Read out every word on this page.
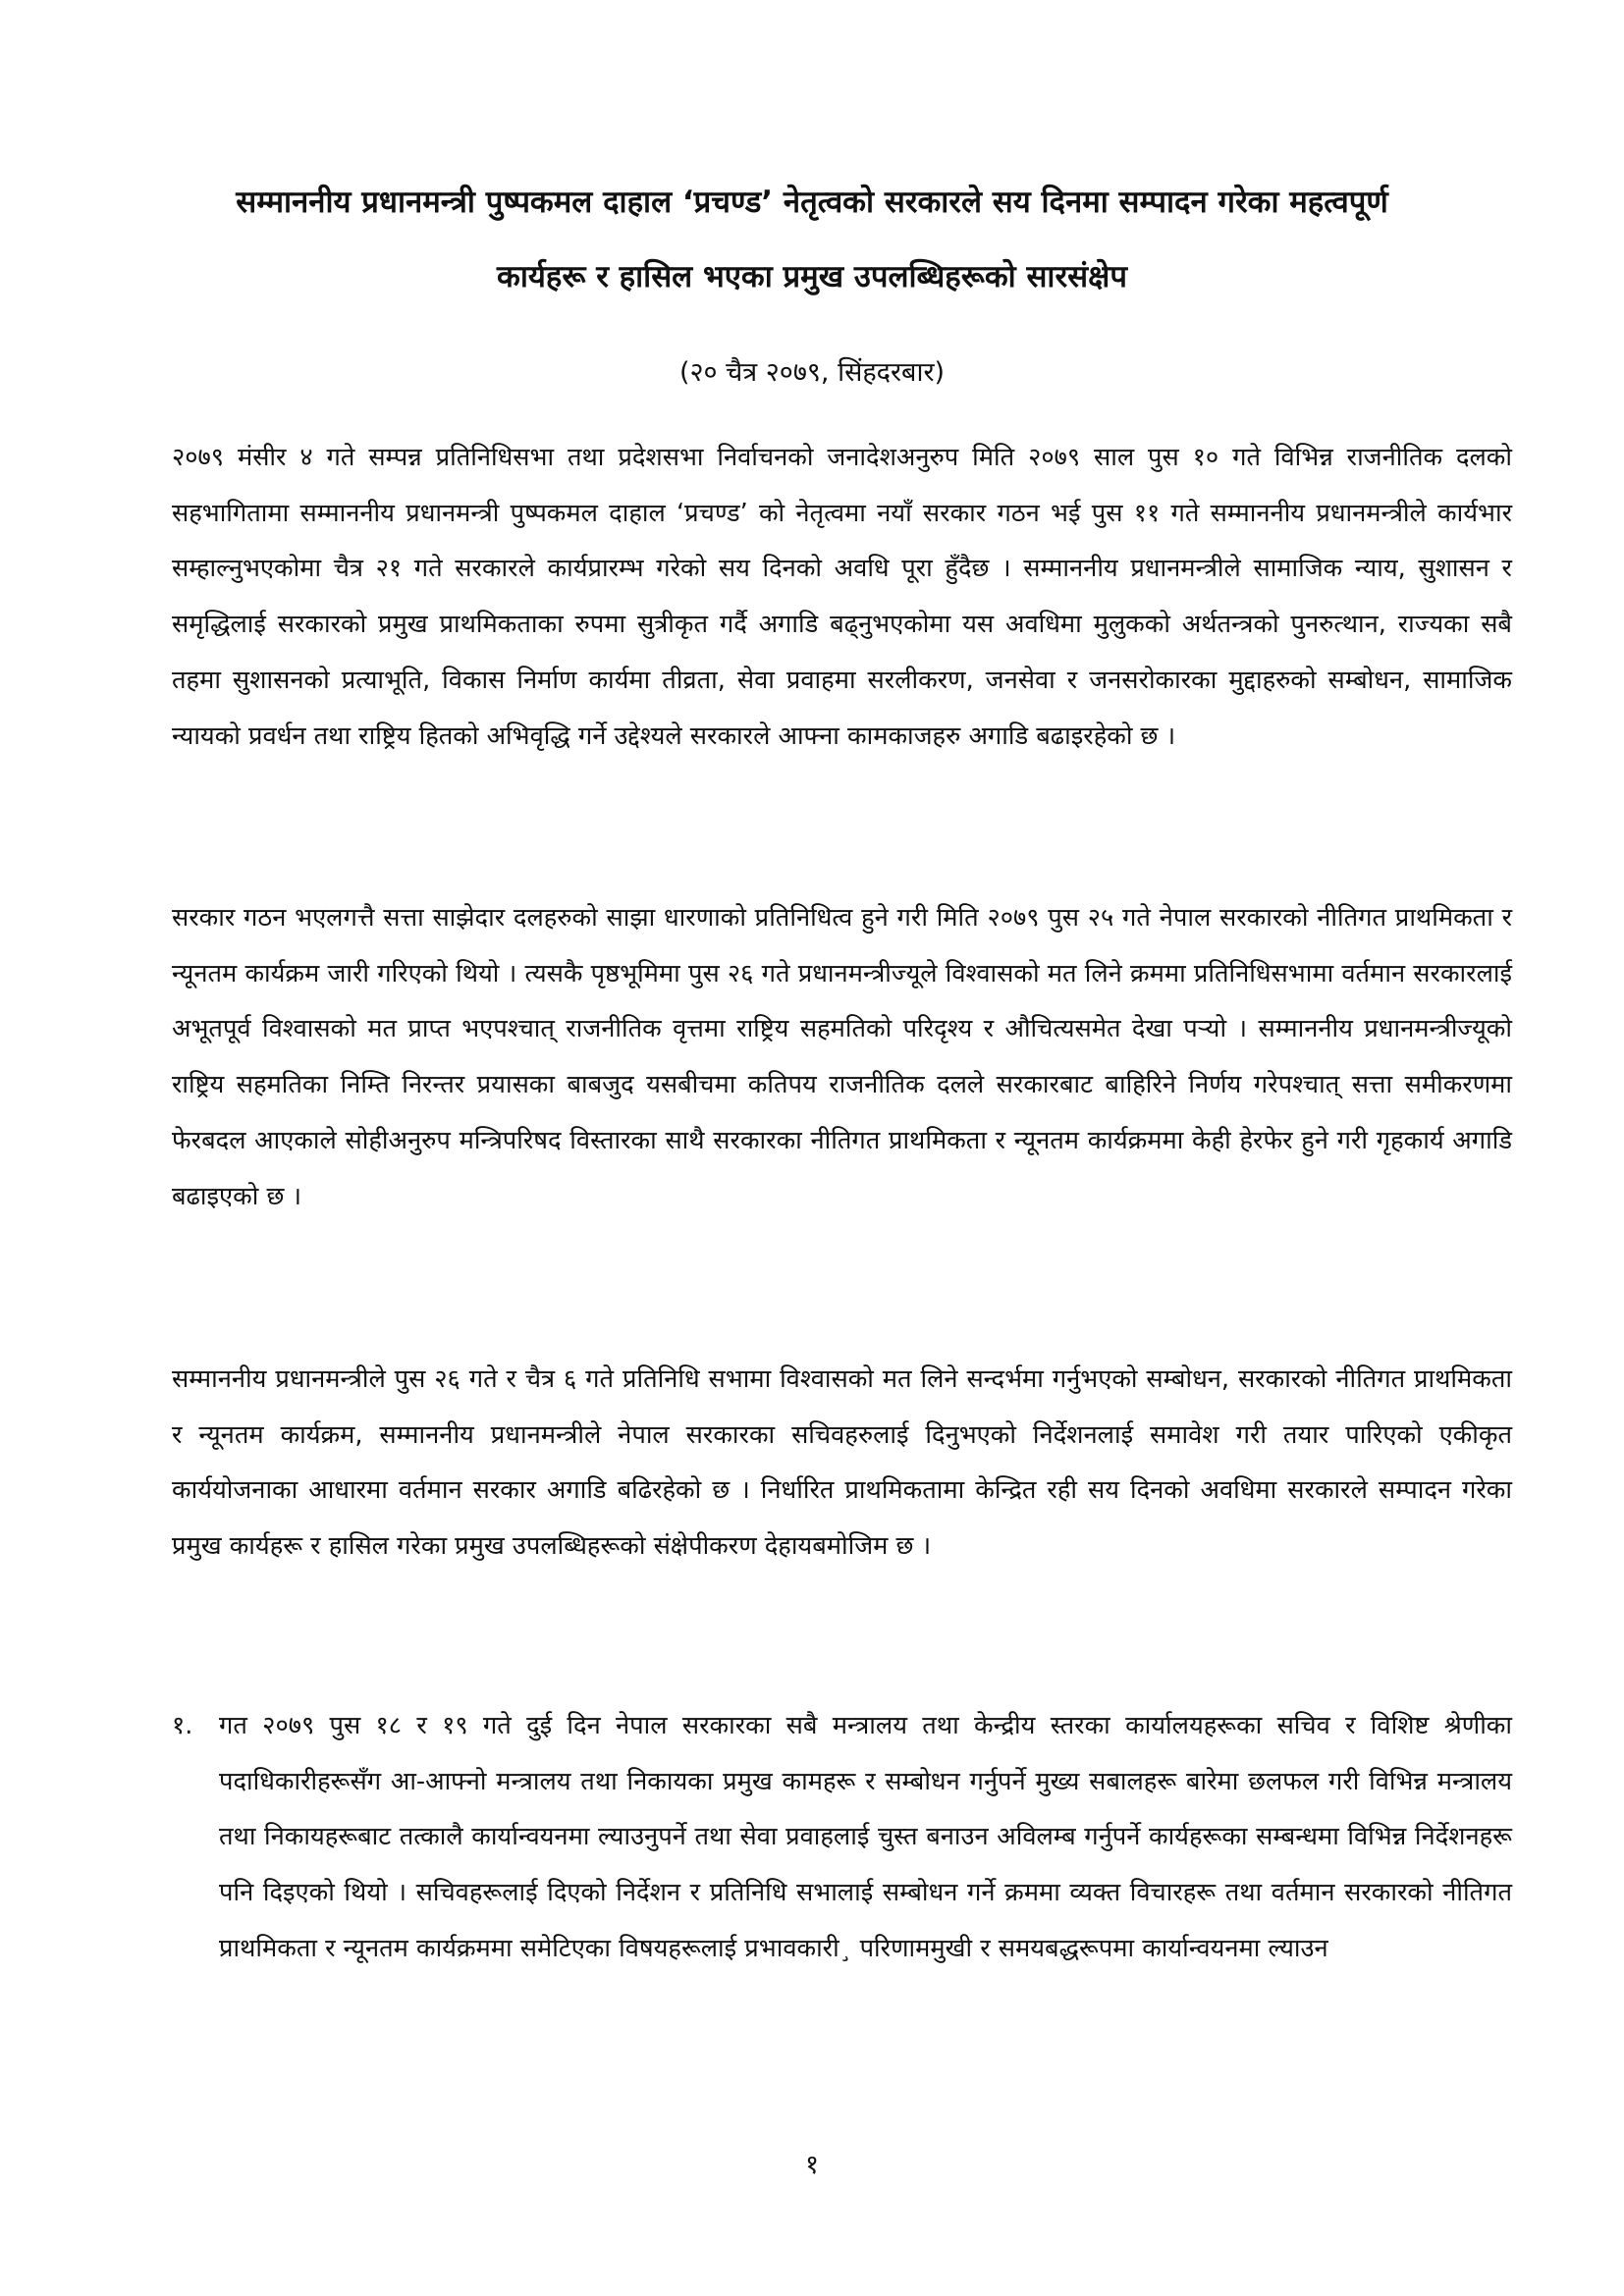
सम्माननीय प्रधानमन्त्री पुष्पकमल दाहाल ‘प्रचण्ड’ नेतृत्वको सरकारले सय दिनमा सम्पादन गरेका महत्वपूर्ण
कार्यहरू र हासिल भएका प्रमुख उपलब्धिहरूको सारसंक्षेप

(२० चैत्र २०७९, सिंहदरबार)

२०७९ मंसीर ४ गते सम्पन्न प्रतिनिधिसभा तथा प्रदेशसभा निर्वाचनको जनादेशअनुरुप मिति २०७९ साल पुस १० गते विभिन्न राजनीतिक दलको सहभागितामा सम्माननीय प्रधानमन्त्री पुष्पकमल दाहाल ‘प्रचण्ड’ को नेतृत्वमा नयाँ सरकार गठन भई पुस ११ गते सम्माननीय प्रधानमन्त्रीले कार्यभार सम्हाल्नुभएकोमा चैत्र २१ गते सरकारले कार्यप्रारम्भ गरेको सय दिनको अवधि पूरा हुँदैछ । सम्माननीय प्रधानमन्त्रीले सामाजिक न्याय, सुशासन र समृद्धिलाई सरकारको प्रमुख प्राथमिकताका रुपमा सुत्रीकृत गर्दै अगाडि बढ्नुभएकोमा यस अवधिमा मुलुकको अर्थतन्त्रको पुनरुत्थान, राज्यका सबै तहमा सुशासनको प्रत्याभूति, विकास निर्माण कार्यमा तीव्रता, सेवा प्रवाहमा सरलीकरण, जनसेवा र जनसरोकारका मुद्दाहरुको सम्बोधन, सामाजिक न्यायको प्रवर्धन तथा राष्ट्रिय हितको अभिवृद्धि गर्ने उद्देश्यले सरकारले आफ्ना कामकाजहरु अगाडि बढाइरहेको छ ।

सरकार गठन भएलगत्तै सत्ता साझेदार दलहरुको साझा धारणाको प्रतिनिधित्व हुने गरी मिति २०७९ पुस २५ गते नेपाल सरकारको नीतिगत प्राथमिकता र न्यूनतम कार्यक्रम जारी गरिएको थियो । त्यसकै पृष्ठभूमिमा पुस २६ गते प्रधानमन्त्रीज्यूले विश्वासको मत लिने क्रममा प्रतिनिधिसभामा वर्तमान सरकारलाई अभूतपूर्व विश्वासको मत प्राप्त भएपश्चात् राजनीतिक वृत्तमा राष्ट्रिय सहमतिको परिदृश्य र औचित्यसमेत देखा पर्‍यो । सम्माननीय प्रधानमन्त्रीज्यूको राष्ट्रिय सहमतिका निम्ति निरन्तर प्रयासका बाबजुद यसबीचमा कतिपय राजनीतिक दलले सरकारबाट बाहिरिने निर्णय गरेपश्चात् सत्ता समीकरणमा फेरबदल आएकाले सोहीअनुरुप मन्त्रिपरिषद विस्तारका साथै सरकारका नीतिगत प्राथमिकता र न्यूनतम कार्यक्रममा केही हेरफेर हुने गरी गृहकार्य अगाडि बढाइएको छ ।

सम्माननीय प्रधानमन्त्रीले पुस २६ गते र चैत्र ६ गते प्रतिनिधि सभामा विश्वासको मत लिने सन्दर्भमा गर्नुभएको सम्बोधन, सरकारको नीतिगत प्राथमिकता र न्यूनतम कार्यक्रम, सम्माननीय प्रधानमन्त्रीले नेपाल सरकारका सचिवहरुलाई दिनुभएको निर्देशनलाई समावेश गरी तयार पारिएको एकीकृत कार्ययोजनाका आधारमा वर्तमान सरकार अगाडि बढिरहेको छ । निर्धारित प्राथमिकतामा केन्द्रित रही सय दिनको अवधिमा सरकारले सम्पादन गरेका प्रमुख कार्यहरू र हासिल गरेका प्रमुख उपलब्धिहरूको संक्षेपीकरण देहायबमोजिम छ ।

१. गत २०७९ पुस १८ र १९ गते दुई दिन नेपाल सरकारका सबै मन्त्रालय तथा केन्द्रीय स्तरका कार्यालयहरूका सचिव र विशिष्ट श्रेणीका पदाधिकारीहरूसँग आ-आफ्नो मन्त्रालय तथा निकायका प्रमुख कामहरू र सम्बोधन गर्नुपर्ने मुख्य सबालहरू बारेमा छलफल गरी विभिन्न मन्त्रालय तथा निकायहरूबाट तत्कालै कार्यान्वयनमा ल्याउनुपर्ने तथा सेवा प्रवाहलाई चुस्त बनाउन अविलम्ब गर्नुपर्ने कार्यहरूका सम्बन्धमा विभिन्न निर्देशनहरू पनि दिइएको थियो । सचिवहरूलाई दिएको निर्देशन र प्रतिनिधि सभालाई सम्बोधन गर्ने क्रममा व्यक्त विचारहरू तथा वर्तमान सरकारको नीतिगत प्राथमिकता र न्यूनतम कार्यक्रममा समेटिएका विषयहरूलाई प्रभावकारी¸ परिणाममुखी र समयबद्धरूपमा कार्यान्वयनमा ल्याउन

१
